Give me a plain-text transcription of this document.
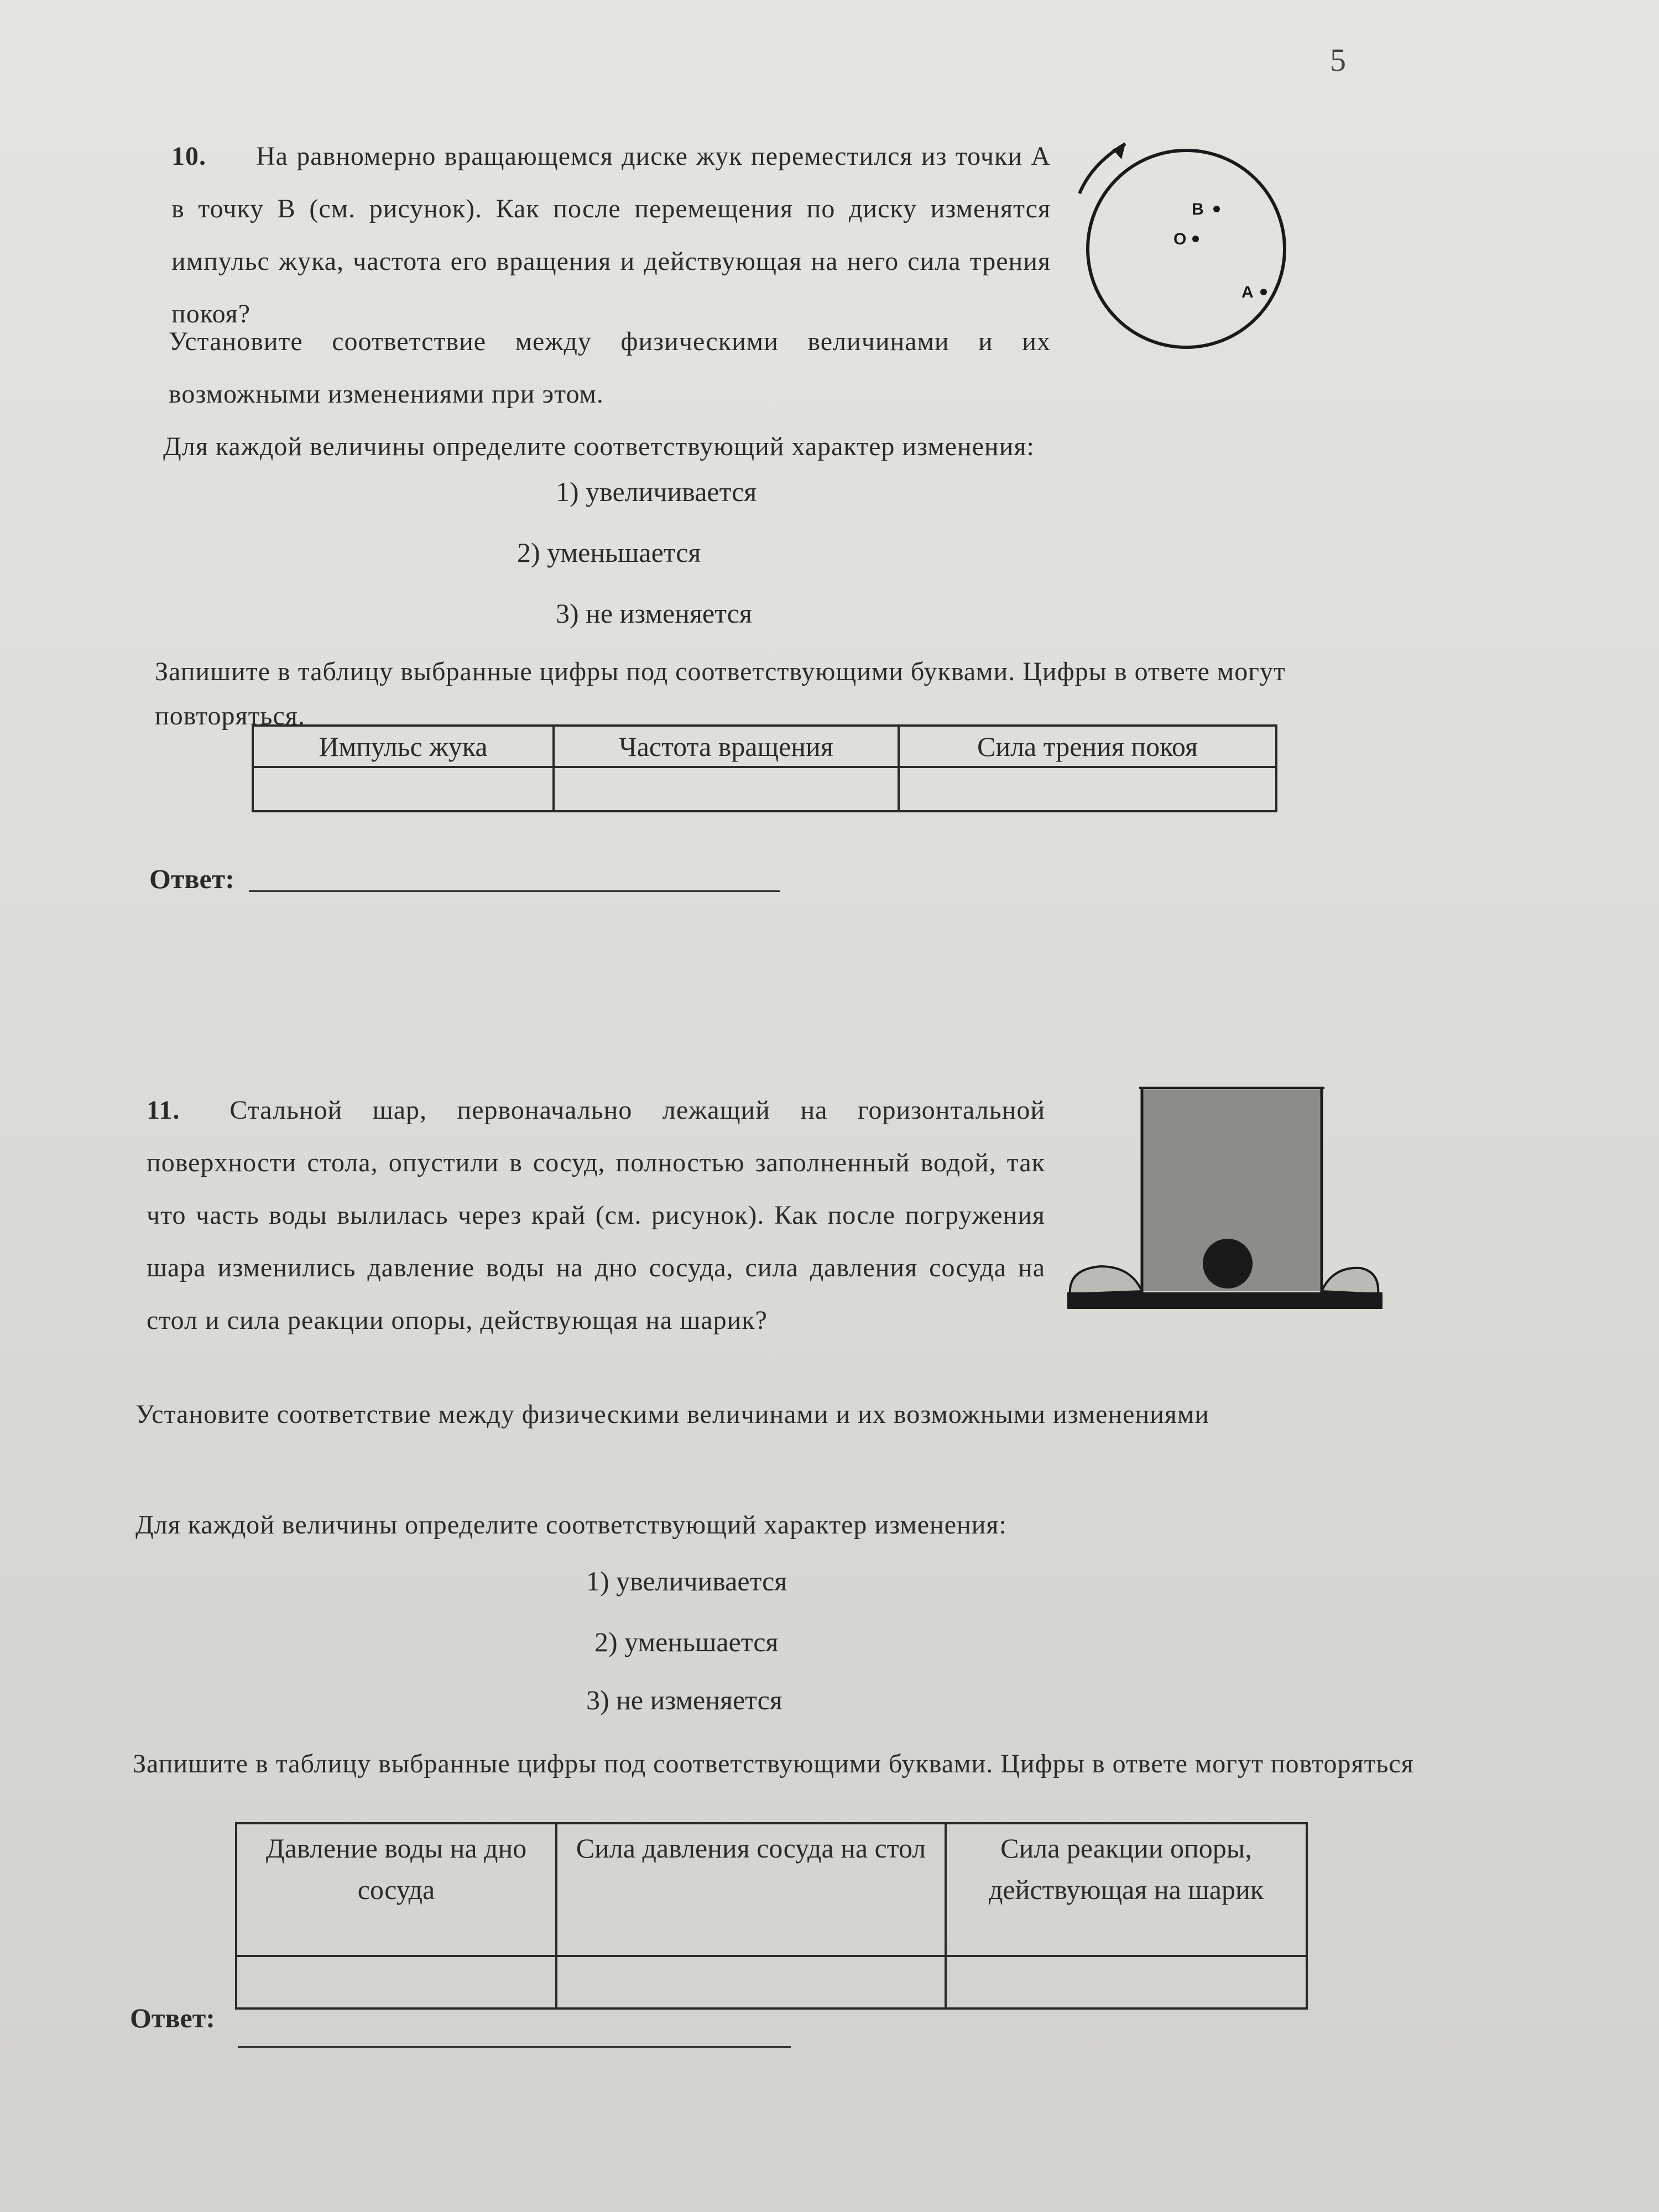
5
10. На равномерно вращающемся диске жук переместился из точки А в точку В (см. рисунок). Как после перемещения по диску изменятся импульс жука, частота его вращения и действующая на него сила трения покоя?
Установите соответствие между физическими величинами и их возможными изменениями при этом.
Для каждой величины определите соответствующий характер изменения:
1) увеличивается
2) уменьшается
3) не изменяется
Запишите в таблицу выбранные цифры под соответствующими буквами. Цифры в ответе могут повторяться.
Импульс жука	Частота вращения	Сила трения покоя

Ответ:
B
O
A
11. Стальной шар, первоначально лежащий на горизонтальной поверхности стола, опустили в сосуд, полностью заполненный водой, так что часть воды вылилась через край (см. рисунок). Как после погружения шара изменились давление воды на дно сосуда, сила давления сосуда на стол и сила реакции опоры, действующая на шарик?
Установите соответствие между физическими величинами и их возможными изменениями
Для каждой величины определите соответствующий характер изменения:
1) увеличивается
2) уменьшается
3) не изменяется
Запишите в таблицу выбранные цифры под соответствующими буквами. Цифры в ответе могут повторяться
Давление воды на дно сосуда	Сила давления сосуда на стол	Сила реакции опоры, действующая на шарик

Ответ:
